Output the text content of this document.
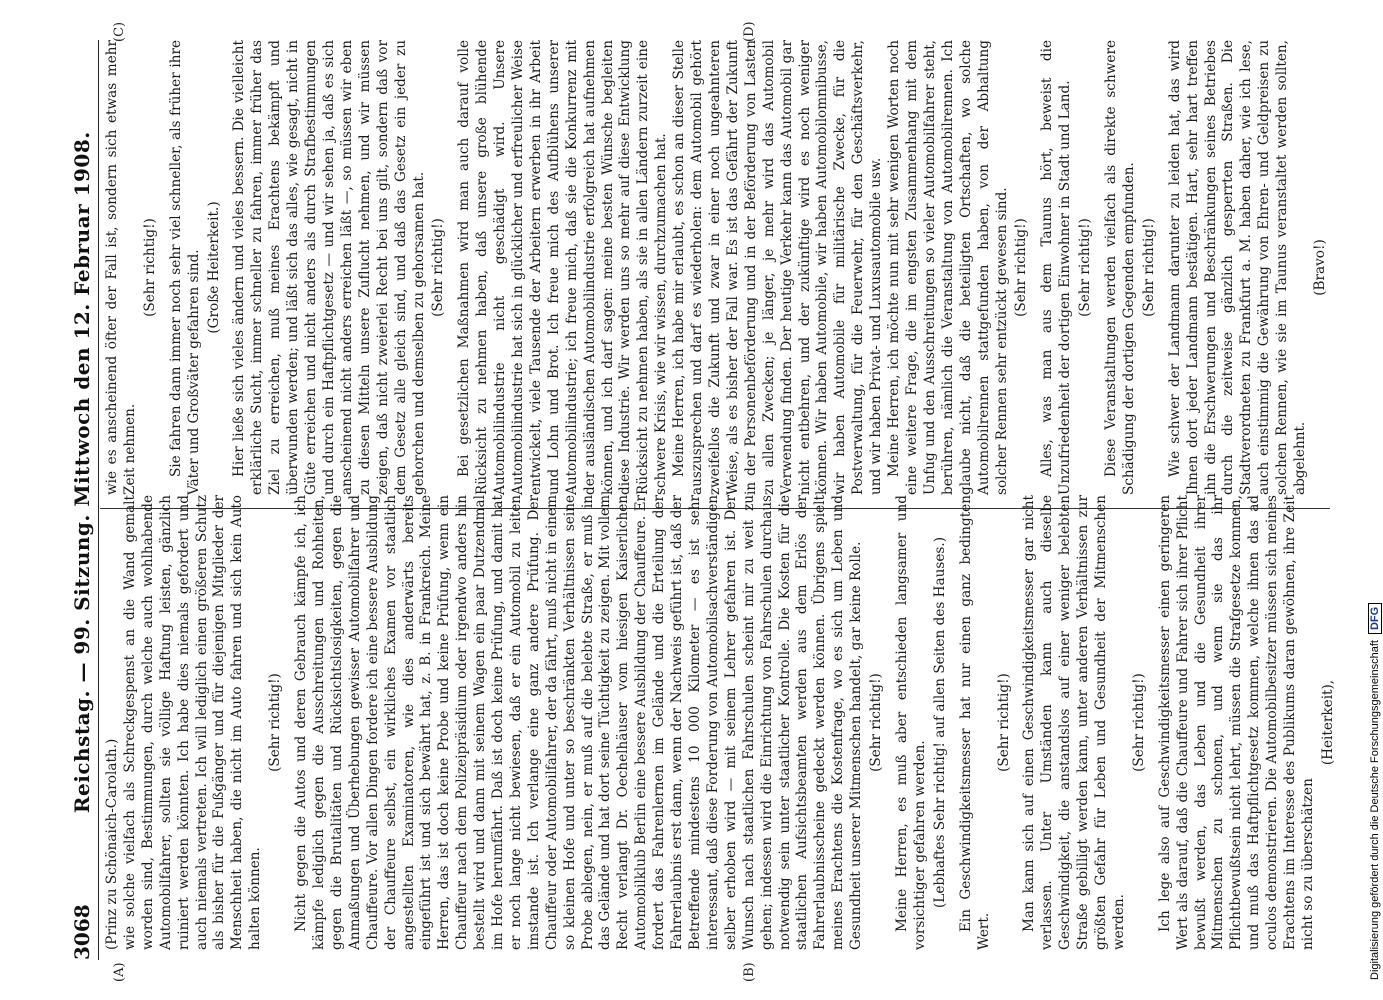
3068
Reichstag. — 99. Sitzung. Mittwoch den 12. Februar 1908.

(Prinz zu Schönaich-Carolath.) wie solche vielfach als Schreckgespenst an die Wand gemalt worden sind, Bestimmungen, durch welche auch wohlhabende Automobilfahrer, sollten sie völlige Haftung leisten, gänzlich ruiniert werden könnten. Ich habe dies niemals gefordert und auch niemals vertreten. Ich will lediglich einen größeren Schutz als bisher für die Fußgänger und für diejenigen Mitglieder der Menschheit haben, die nicht im Auto fahren und sich kein Auto halten können.

(Sehr richtig!) Nicht gegen die Autos und deren Gebrauch kämpfe ich, ich kämpfe lediglich gegen die Ausschreitungen und Rohheiten, gegen die Brutalitäten und Rücksichtslosigkeiten, gegen die Anmaßungen und Überhebungen gewisser Automobilfahrer und Chauffeure. Vor allen Dingen fordere ich eine bessere Ausbildung der Chauffeure selbst, ein wirkliches Examen vor staatlich angestellten Examinatoren, wie dies anderwärts bereits eingeführt ist und sich bewährt hat, z. B. in Frankreich. Meine Herren, das ist doch keine Probe und keine Prüfung, wenn ein Chauffeur nach dem Polizeipräsidium oder irgendwo anders hin bestellt wird und dann mit seinem Wagen ein paar Dutzendmal im Hofe herumfährt. Daß ist doch keine Prüfung, und damit hat er noch lange nicht bewiesen, daß er ein Automobil zu leiten imstande ist. Ich verlange eine ganz andere Prüfung. Der Chauffeur oder Automobilfahrer, der da fährt, muß nicht in einem so kleinen Hofe und unter so beschränkten Verhältnissen seine Probe ablegen, nein, er muß auf die belebte Straße, er muß in das Gelände und hat dort seine Tüchtigkeit zu zeigen. Mit vollem Recht verlangt Dr. Oechelhäuser vom hiesigen Kaiserlichen Automobilklub Berlin eine bessere Ausbildung der Chauffeure. Er fordert das Fahrenlernen im Gelände und die Erteilung der Fahrerlaubnis erst dann, wenn der Nachweis geführt ist, daß der Betreffende mindestens 10 000 Kilometer — es ist sehr interessant, daß diese Forderung von Automobilsachverständigen selber erhoben wird — mit seinem Lehrer gefahren ist. Der Wunsch nach staatlichen Fahrschulen scheint mir zu weit zu gehen; indessen wird die Einrichtung von Fahrschulen durchaus notwendig sein unter staatlicher Kontrolle. Die Kosten für die staatlichen Aufsichtsbeamten werden aus dem Erlös der Fahrerlaubnisscheine gedeckt werden können. Übrigens spielt meines Erachtens die Kostenfrage, wo es sich um Leben und Gesundheit unserer Mitmenschen handelt, gar keine Rolle. (Sehr richtig!) Meine Herren, es muß aber entschieden langsamer und vorsichtiger gefahren werden. (Lebhaftes Sehr richtig! auf allen Seiten des Hauses.) Ein Geschwindigkeitsmesser hat nur einen ganz bedingten Wert.

(Sehr richtig!) Man kann sich auf einen Geschwindigkeitsmesser gar nicht verlassen. Unter Umständen kann auch dieselbe Geschwindigkeit, die anstandslos auf einer weniger belebten Straße gebilligt werden kann, unter anderen Verhältnissen zur größten Gefahr für Leben und Gesundheit der Mitmenschen werden.

(Sehr richtig!) Ich lege also auf Geschwindigkeitsmesser einen geringeren Wert als darauf, daß die Chauffeure und Fahrer sich ihrer Pflicht bewußt werden, das Leben und die Gesundheit ihrer Mitmenschen zu schonen, und wenn sie das ihr Pflichtbewußtsein nicht lehrt, müssen die Strafgesetze kommen, und muß das Haftpflichtgesetz kommen, welche ihnen das ad oculos demonstrieren. Die Automobilbesitzer müssen sich meines Erachtens im Interesse des Publikums daran gewöhnen, ihre Zeit nicht so zu überschätzen

(Heiterkeit),

wie es anscheinend öfter der Fall ist, sondern sich etwas mehr Zeit nehmen.

(Sehr richtig!) Sie fahren dann immer noch sehr viel schneller, als früher ihre Väter und Großväter gefahren sind. (Große Heiterkeit.) Hier ließe sich vieles ändern und vieles bessern. Die vielleicht erklärliche Sucht, immer schneller zu fahren, immer früher das Ziel zu erreichen, muß meines Erachtens bekämpft und überwunden werden; und läßt sich das alles, wie gesagt, nicht in Güte erreichen und nicht anders als durch Strafbestimmungen und durch ein Haftpflichtgesetz — und wir sehen ja, daß es sich anscheinend nicht anders erreichen läßt —, so müssen wir eben zu diesen Mitteln unsere Zuflucht nehmen, und wir müssen zeigen, daß nicht zweierlei Recht bei uns gilt, sondern daß vor dem Gesetz alle gleich sind, und daß das Gesetz ein jeder zu gehorchen und demselben zu gehorsamen hat. (Sehr richtig!) Bei gesetzlichen Maßnahmen wird man auch darauf volle Rücksicht zu nehmen haben, daß unsere große blühende Automobilindustrie nicht geschädigt wird. Unsere Automobilindustrie hat sich in glücklicher und erfreulicher Weise entwickelt, viele Tausende der Arbeitern erwerben in ihr Arbeit und Lohn und Brot. Ich freue mich des Aufblühens unserer Automobilindustrie; ich freue mich, daß sie die Konkurrenz mit der ausländischen Automobilindustrie erfolgreich hat aufnehmen können, und ich darf sagen: meine besten Wünsche begleiten diese Industrie. Wir werden uns so mehr auf diese Entwicklung Rücksicht zu nehmen haben, als sie in allen Ländern zurzeit eine schwere Krisis, wie wir wissen, durchzumachen hat. Meine Herren, ich habe mir erlaubt, es schon an dieser Stelle auszusprechen und darf es wiederholen: dem Automobil gehört zweifellos die Zukunft und zwar in einer noch ungeahnteren Weise, als es bisher der Fall war. Es ist das Gefährt der Zukunft in der Personenbeförderung und in der Beförderung von Lasten zu allen Zwecken; je länger, je mehr wird das Automobil Verwendung finden. Der heutige Verkehr kann das Automobil gar nicht entbehren, und der zukünftige wird es noch weniger können. Wir haben Automobile, wir haben Automobilomnibusse, wir haben Automobile für militärische Zwecke, für die Postverwaltung, für die Feuerwehr, für den Geschäftsverkehr, und wir haben Privat- und Luxusautomobile usw. Meine Herren, ich möchte nun mit sehr wenigen Worten noch eine weitere Frage, die im engsten Zusammenhang mit dem Unfug und den Ausschreitungen so vieler Automobilfahrer steht, berühren, nämlich die Veranstaltung von Automobilrennen. Ich glaube nicht, daß die beteiligten Ortschaften, wo solche Automobilrennen stattgefunden haben, von der Abhaltung solcher Rennen sehr entzückt gewesen sind. (Sehr richtig!) Alles, was man aus dem Taunus hört, beweist die Unzufriedenheit der dortigen Einwohner in Stadt und Land. (Sehr richtig!) Diese Veranstaltungen werden vielfach als direkte schwere Schädigung der dortigen Gegenden empfunden. (Sehr richtig!) Wie schwer der Landmann darunter zu leiden hat, das wird Ihnen dort jeder Landmann bestätigen. Hart, sehr hart treffen ihn die Erschwerungen und Beschränkungen seines Betriebes durch die zeitweise gänzlich gesperrten Straßen. Die Stadtverordneten zu Frankfurt a. M. haben daher, wie ich lese, auch einstimmig die Gewährung von Ehren- und Geldpreisen zu solchen Rennen, wie sie im Taunus veranstaltet werden sollten, abgelehnt.

(Bravo!)

(A)	(B)
(C)	(D)
Digitalisierung gefördert durch die Deutsche Forschungsgemeinschaft
DFG
